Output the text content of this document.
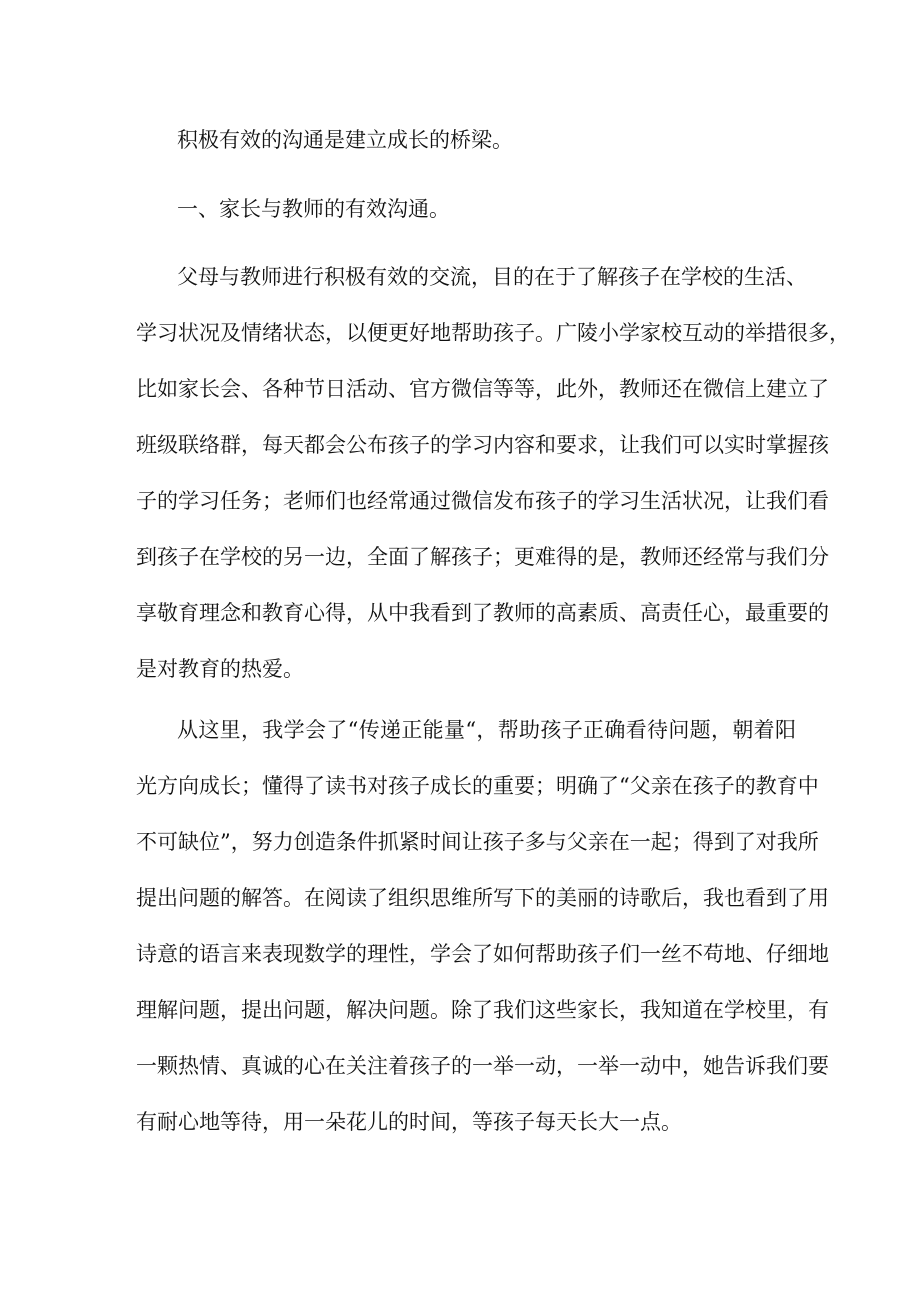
积极有效的沟通是建立成长的桥梁。

一、家长与教师的有效沟通。

父母与教师进行积极有效的交流，目的在于了解孩子在学校的生活、

学习状况及情绪状态，以便更好地帮助孩子。广陵小学家校互动的举措很多，

比如家长会、各种节日活动、官方微信等等，此外，教师还在微信上建立了

班级联络群，每天都会公布孩子的学习内容和要求，让我们可以实时掌握孩

子的学习任务；老师们也经常通过微信发布孩子的学习生活状况，让我们看

到孩子在学校的另一边，全面了解孩子；更难得的是，教师还经常与我们分

享敬育理念和教育心得，从中我看到了教师的高素质、高责任心，最重要的

是对教育的热爱。

从这里，我学会了“传递正能量“，帮助孩子正确看待问题，朝着阳

光方向成长；懂得了读书对孩子成长的重要；明确了“父亲在孩子的教育中

不可缺位”，努力创造条件抓紧时间让孩子多与父亲在一起；得到了对我所

提出问题的解答。在阅读了组织思维所写下的美丽的诗歌后，我也看到了用

诗意的语言来表现数学的理性，学会了如何帮助孩子们一丝不苟地、仔细地

理解问题，提出问题，解决问题。除了我们这些家长，我知道在学校里，有

一颗热情、真诚的心在关注着孩子的一举一动，一举一动中，她告诉我们要

有耐心地等待，用一朵花儿的时间，等孩子每天长大一点。
